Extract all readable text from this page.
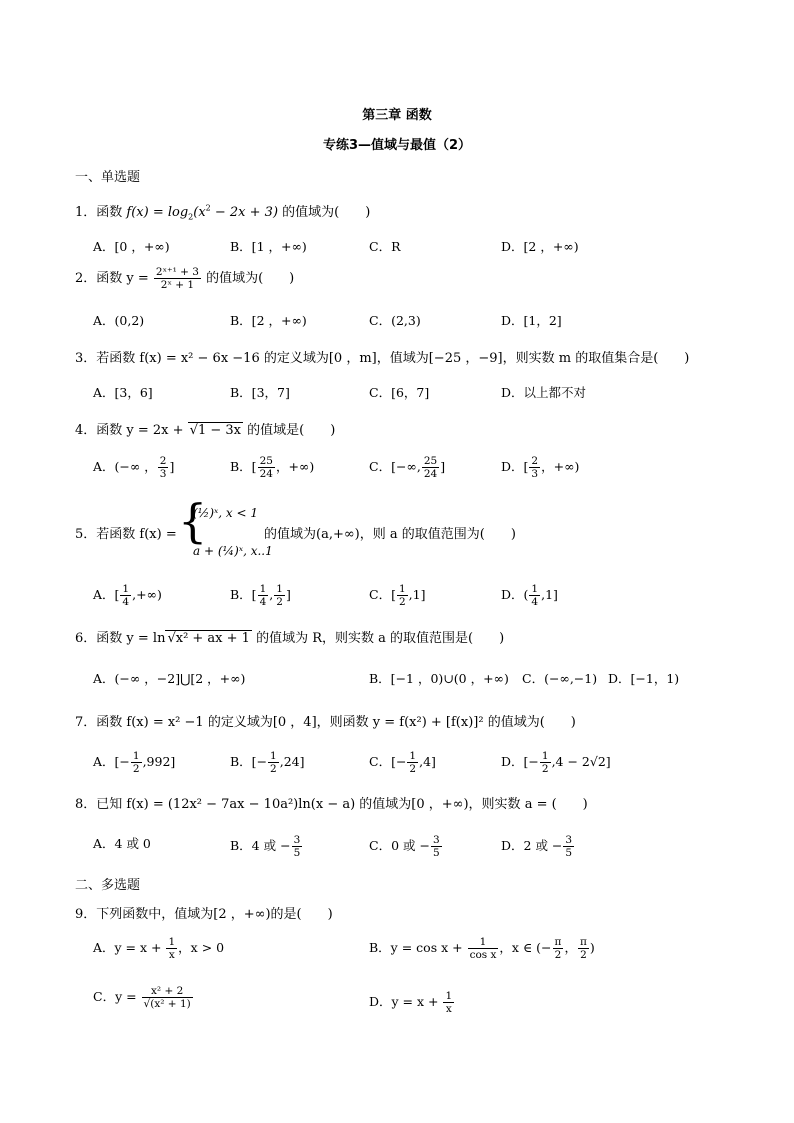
第三章 函数
专练3—值域与最值（2）
一、单选题
1．函数 $f(x) = \log_2(x^2 - 2x + 3)$ 的值域为(　　)
A．[0 ，+∞)	B．[1 ，+∞)	C．R	D．[2 ，+∞)
2．函数 $y = \frac{\text{2ˣ⁺¹ + 3}}{\text{2ˣ + 1}}$ 的值域为(　　)
A．(0,2)	B．[2 ，+∞)	C．(2,3)	D．[1，2]
3．若函数 f(x) = x² − 6x −16 的定义域为[0 ，m]，值域为[−25 ，−9]，则实数 m 的取值集合是(　　)
A．[3，6]	B．[3，7]	C．[6，7]	D．以上都不对
4．函数 y = 2x + √1 − 3x 的值域是(　　)
A．(−∞ ， $\frac{2}{3}$ ]	B．[ $\frac{25}{24}$ ，+∞)	C．[−∞, $\frac{25}{24}$ ]	D．[ $\frac{2}{3}$ ，+∞)
5．若函数 f(x) = {
(½)ˣ, x < 1
a + (¼)ˣ, x..1
的值域为(a,+∞)，则 a 的取值范围为(　　)
A．[ $\frac{1}{4}$ ,+∞)	B．[ $\frac{1}{4}$ , $\frac{1}{2}$ ]	C．[ $\frac{1}{2} ,1$]	D．( $\frac{1}{4} ,1$]
6．函数 y = ln √x² + ax + 1 的值域为 R，则实数 a 的取值范围是(　　)
A．(−∞ ，−2]⋃[2 ，+∞)	B．[−1 ，0)∪(0 ，+∞) C．(−∞,−1) D．[−1，1)
7．函数 f(x) = x² −1 的定义域为[0 ，4]，则函数 y = f(x²) + [f(x)]² 的值域为(　　)
A．[− $\frac{1}{2} ,992$]	B．[− $\frac{1}{2} ,24$]	C．[− $\frac{1}{2} ,4$]	D．[− $\frac{1}{2} ,4 - 2√2$]
8．已知 f(x) = (12x² − 7ax − 10a²)ln(x − a) 的值域为[0 ，+∞)，则实数 a = (　　)
A．4 或 0	B．4 或 − $\frac{3}{5}$	C．0 或 − $\frac{3}{5}$	D．2 或 − $\frac{3}{5}$
二、多选题
9．下列函数中，值域为[2 ，+∞)的是(　　)
A．$y = x + \frac{1}{x}$ ，x > 0	B．$y = \cos x + \frac{1}{\text{cos x}}$ ，x ∈ (− $\frac{\pi}{2}$ ， $\frac{\pi}{2}$ )
C．$y = \frac{\text{x² + 2}}{\text{√(x² + 1)}}$	D．$y = x + \frac{1}{x}$
